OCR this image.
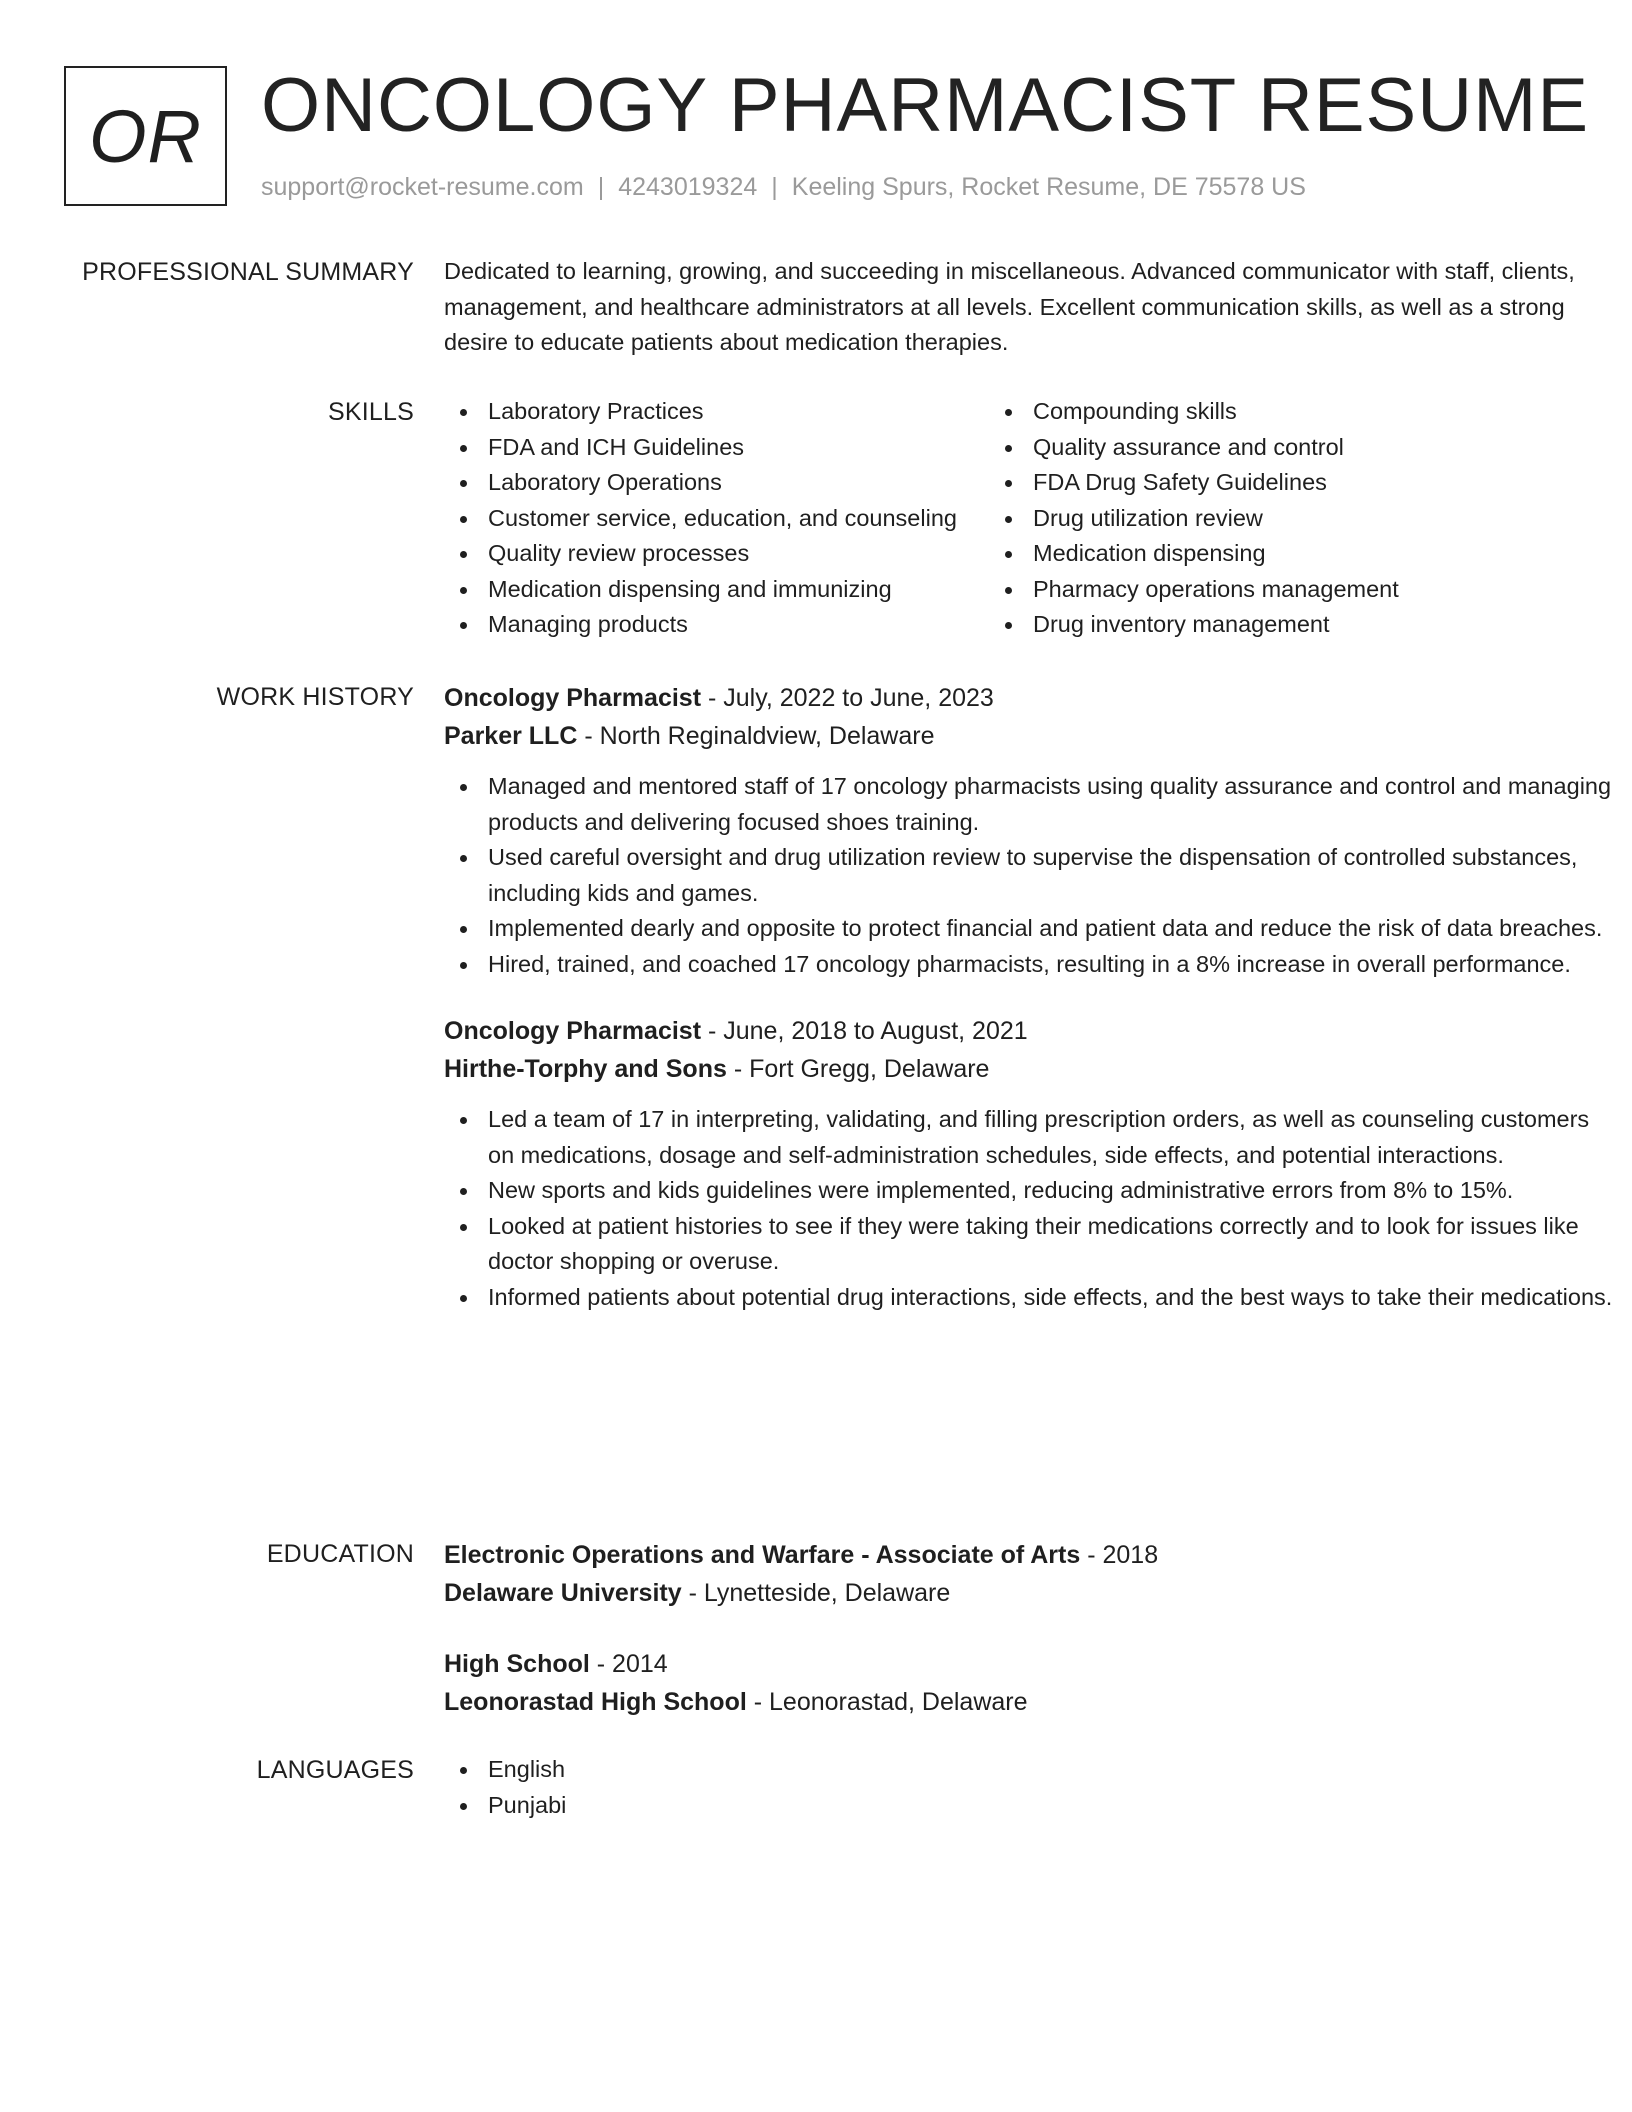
OR ONCOLOGY PHARMACIST RESUME
support@rocket-resume.com | 4243019324 | Keeling Spurs, Rocket Resume, DE 75578 US
PROFESSIONAL SUMMARY Dedicated to learning, growing, and succeeding in miscellaneous. Advanced communicator with staff, clients, management, and healthcare administrators at all levels. Excellent communication skills, as well as a strong desire to educate patients about medication therapies.

SKILLS	Laboratory Practices
FDA and ICH Guidelines
Laboratory Operations
Customer service, education, and counseling
Quality review processes
Medication dispensing and immunizing
Managing products
Compounding skills
Quality assurance and control
FDA Drug Safety Guidelines
Drug utilization review
Medication dispensing
Pharmacy operations management
Drug inventory management
WORK HISTORY Oncology Pharmacist - July, 2022 to June, 2023
Parker LLC - North Reginaldview, Delaware
Managed and mentored staff of 17 oncology pharmacists using quality assurance and control and managing products and delivering focused shoes training.
Used careful oversight and drug utilization review to supervise the dispensation of controlled substances, including kids and games.
Implemented dearly and opposite to protect financial and patient data and reduce the risk of data breaches.
Hired, trained, and coached 17 oncology pharmacists, resulting in a 8% increase in overall performance.
Oncology Pharmacist - June, 2018 to August, 2021
Hirthe-Torphy and Sons - Fort Gregg, Delaware
Led a team of 17 in interpreting, validating, and filling prescription orders, as well as counseling customers on medications, dosage and self-administration schedules, side effects, and potential interactions.
New sports and kids guidelines were implemented, reducing administrative errors from 8% to 15%.
Looked at patient histories to see if they were taking their medications correctly and to look for issues like doctor shopping or overuse.
Informed patients about potential drug interactions, side effects, and the best ways to take their medications.
EDUCATION Electronic Operations and Warfare - Associate of Arts - 2018
Delaware University - Lynetteside, Delaware
High School - 2014
Leonorastad High School - Leonorastad, Delaware
LANGUAGES	English
Punjabi
